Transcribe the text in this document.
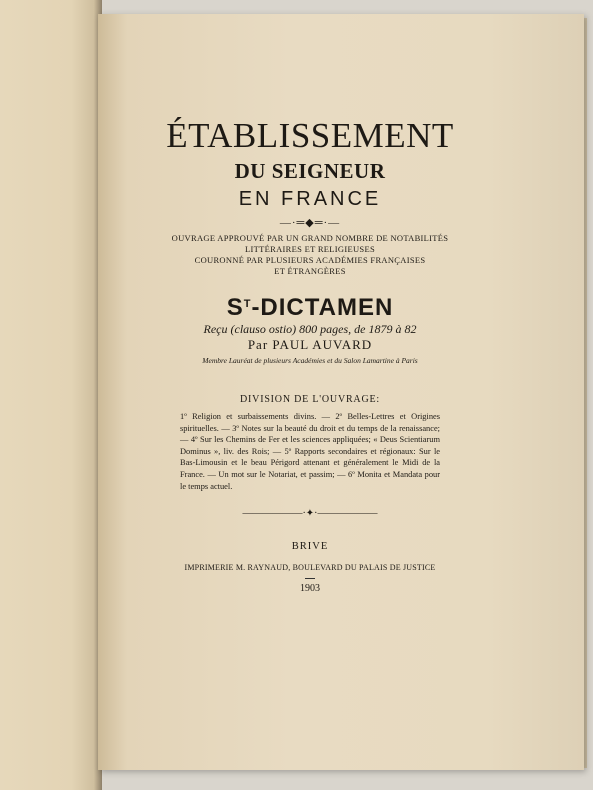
ÉTABLISSEMENT
DU SEIGNEUR
EN FRANCE
—·═◆═·—
OUVRAGE APPROUVÉ PAR UN GRAND NOMBRE DE NOTABILITÉS
LITTÉRAIRES ET RELIGIEUSES
COURONNÉ PAR PLUSIEURS ACADÉMIES FRANÇAISES
ET ÉTRANGÈRES
$S^T$-DICTAMEN
Reçu (clauso ostio) 800 pages, de 1879 à 82
Par PAUL AUVARD
Membre Lauréat de plusieurs Académies et du Salon Lamartine à Paris
DIVISION DE L'OUVRAGE:
1º Religion et surbaissements divins. — 2º Belles-Lettres et Origines spirituelles. — 3º Notes sur la beauté du droit et du temps de la renaissance; — 4º Sur les Chemins de Fer et les sciences appliquées; « Deus Scientiarum Dominus », liv. des Rois; — 5º Rapports secondaires et régionaux: Sur le Bas-Limousin et le beau Périgord attenant et généralement le Midi de la France. — Un mot sur le Notariat, et passim; — 6º Monita et Mandata pour le temps actuel.
——————·✦·——————
BRIVE
IMPRIMERIE M. RAYNAUD, BOULEVARD DU PALAIS DE JUSTICE
1903
